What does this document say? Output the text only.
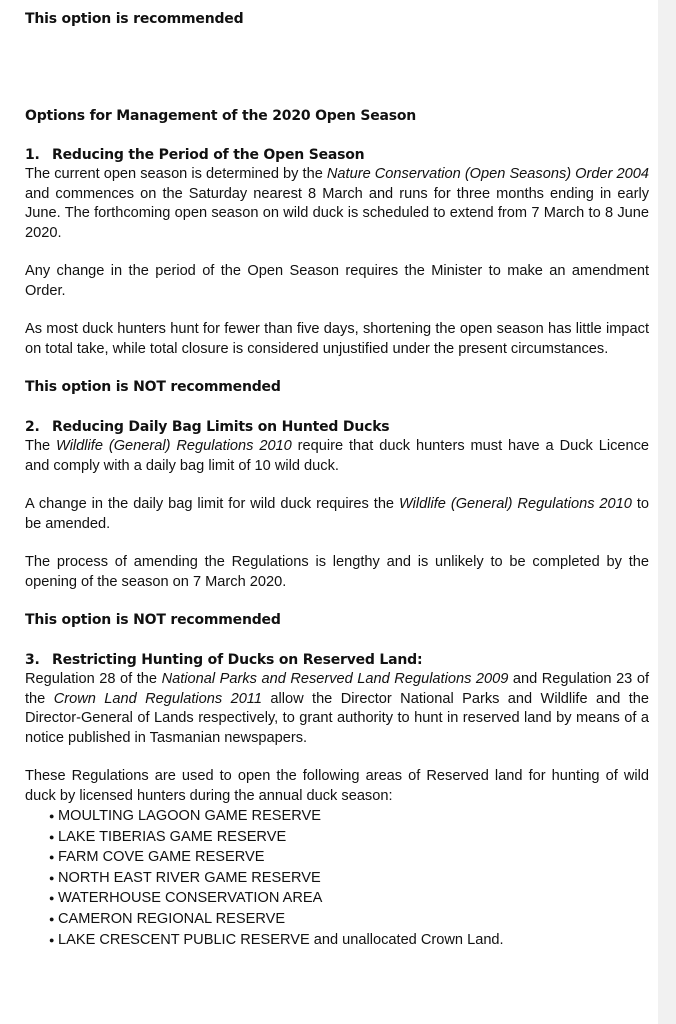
This option is recommended
Options for Management of the 2020 Open Season
1. Reducing the Period of the Open Season

The current open season is determined by the Nature Conservation (Open Seasons) Order 2004 and commences on the Saturday nearest 8 March and runs for three months ending in early June. The forthcoming open season on wild duck is scheduled to extend from 7 March to 8 June 2020.

Any change in the period of the Open Season requires the Minister to make an amendment Order.

As most duck hunters hunt for fewer than five days, shortening the open season has little impact on total take, while total closure is considered unjustified under the present circumstances.

This option is NOT recommended
2. Reducing Daily Bag Limits on Hunted Ducks

The Wildlife (General) Regulations 2010 require that duck hunters must have a Duck Licence and comply with a daily bag limit of 10 wild duck.

A change in the daily bag limit for wild duck requires the Wildlife (General) Regulations 2010 to be amended.

The process of amending the Regulations is lengthy and is unlikely to be completed by the opening of the season on 7 March 2020.

This option is NOT recommended
3. Restricting Hunting of Ducks on Reserved Land:

Regulation 28 of the National Parks and Reserved Land Regulations 2009 and Regulation 23 of the Crown Land Regulations 2011 allow the Director National Parks and Wildlife and the Director-General of Lands respectively, to grant authority to hunt in reserved land by means of a notice published in Tasmanian newspapers.

These Regulations are used to open the following areas of Reserved land for hunting of wild duck by licensed hunters during the annual duck season:

● MOULTING LAGOON GAME RESERVE
● LAKE TIBERIAS GAME RESERVE
● FARM COVE GAME RESERVE
● NORTH EAST RIVER GAME RESERVE
● WATERHOUSE CONSERVATION AREA
● CAMERON REGIONAL RESERVE
● LAKE CRESCENT PUBLIC RESERVE and unallocated Crown Land.
